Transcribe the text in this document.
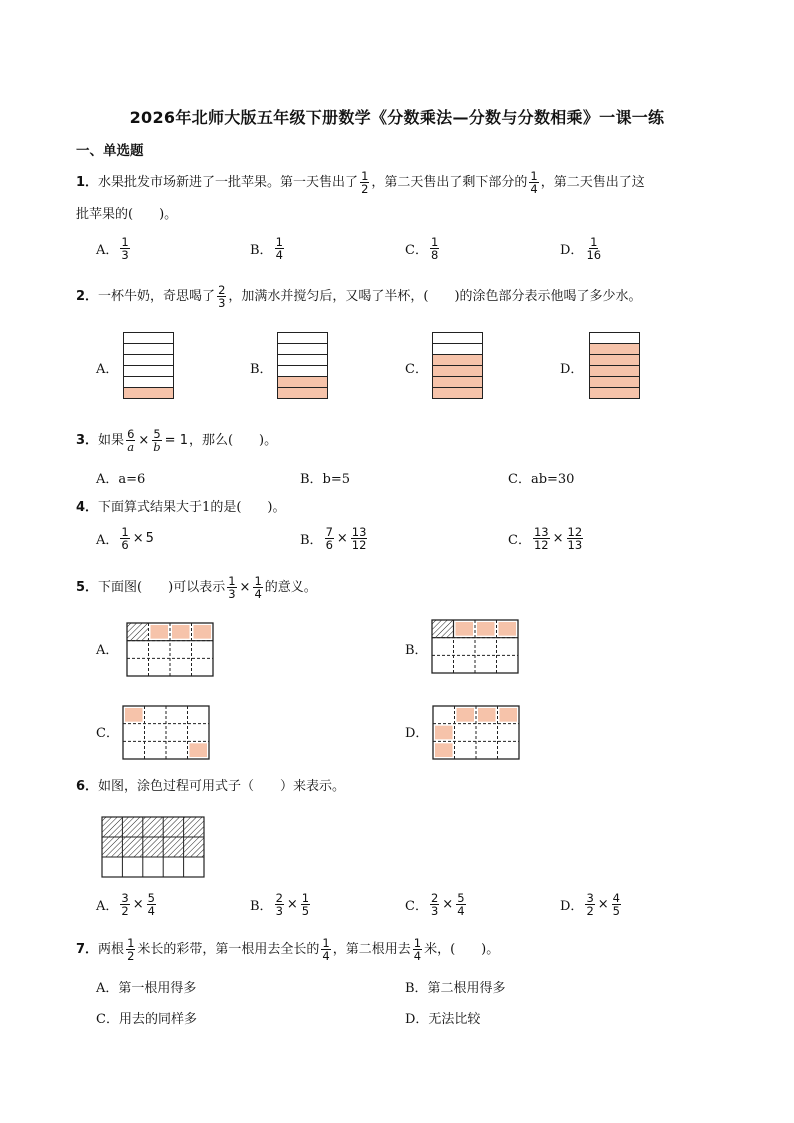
2026年北师大版五年级下册数学《分数乘法—分数与分数相乘》一课一练
一、单选题
1．水果批发市场新进了一批苹果。第一天售出了 $\frac{1}{2}$ ，第二天售出了剩下部分的 $\frac{1}{4}$ ，第二天售出了这
批苹果的(　　)。
A． $\frac{1}{3}$	B． $\frac{1}{4}$	C． $\frac{1}{8}$	D． $\frac{1}{16}$
2．一杯牛奶，奇思喝了 $\frac{2}{3}$ ，加满水并搅匀后，又喝了半杯，(　　)的涂色部分表示他喝了多少水。
A．	B．	C．	D．
3．如果 $\frac{6}{a} \times \frac{5}{b} = 1$，那么(　　)。
A．a=6	B．b=5	C．ab=30
4．下面算式结果大于1的是(　　)。
A． $\frac{1}{6} \times 5$	B． $\frac{7}{6} \times \frac{13}{12}$	C． $\frac{13}{12} \times \frac{12}{13}$
5．下面图(　　)可以表示 $\frac{1}{3} \times \frac{1}{4}$ 的意义。
A．	B．
C．	D．
6．如图，涂色过程可用式子（　　）来表示。
A． $\frac{3}{2} \times \frac{5}{4}$	B． $\frac{2}{3} \times \frac{1}{5}$	C． $\frac{2}{3} \times \frac{5}{4}$	D． $\frac{3}{2} \times \frac{4}{5}$
7．两根 $\frac{1}{2}$ 米长的彩带，第一根用去全长的 $\frac{1}{4}$ ，第二根用去 $\frac{1}{4}$ 米，(　　)。
A．第一根用得多	B．第二根用得多
C．用去的同样多	D．无法比较
